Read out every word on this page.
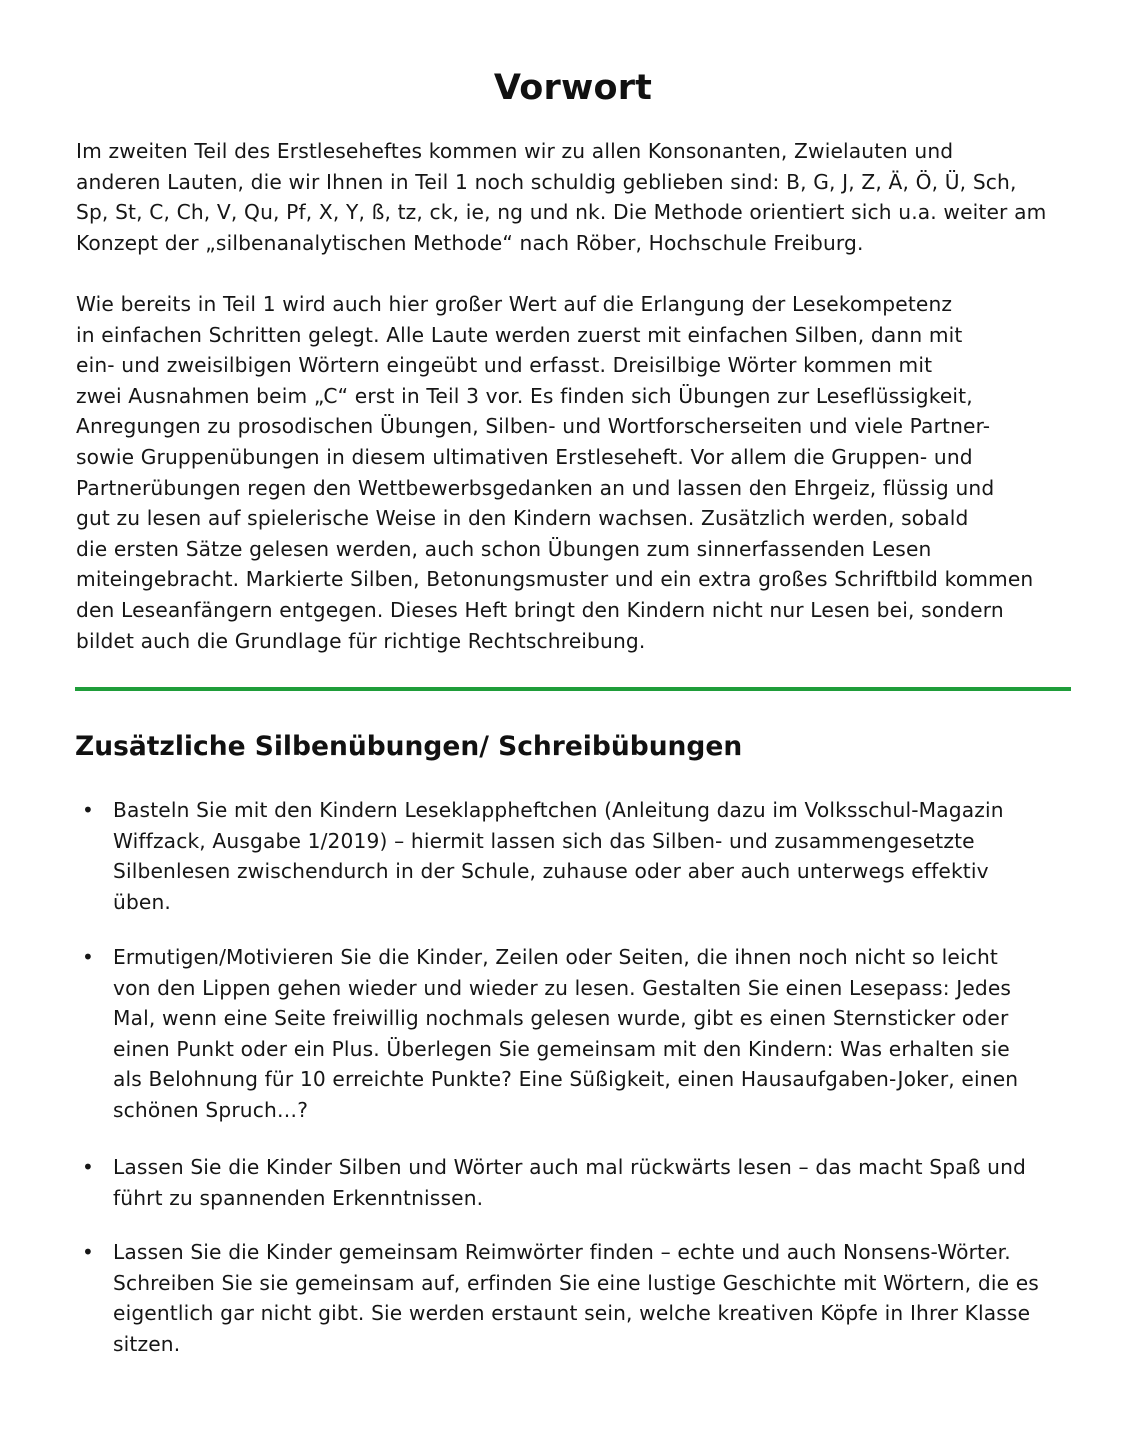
Vorwort

Im zweiten Teil des Erstleseheftes kommen wir zu allen Konsonanten, Zwielauten und
anderen Lauten, die wir Ihnen in Teil 1 noch schuldig geblieben sind: B, G, J, Z, Ä, Ö, Ü, Sch,
Sp, St, C, Ch, V, Qu, Pf, X, Y, ß, tz, ck, ie, ng und nk. Die Methode orientiert sich u.a. weiter am
Konzept der „silbenanalytischen Methode“ nach Röber, Hochschule Freiburg.

Wie bereits in Teil 1 wird auch hier großer Wert auf die Erlangung der Lesekompetenz
in einfachen Schritten gelegt. Alle Laute werden zuerst mit einfachen Silben, dann mit
ein- und zweisilbigen Wörtern eingeübt und erfasst. Dreisilbige Wörter kommen mit
zwei Ausnahmen beim „C“ erst in Teil 3 vor. Es finden sich Übungen zur Leseflüssigkeit,
Anregungen zu prosodischen Übungen, Silben- und Wortforscherseiten und viele Partner-
sowie Gruppenübungen in diesem ultimativen Erstleseheft. Vor allem die Gruppen- und
Partnerübungen regen den Wettbewerbsgedanken an und lassen den Ehrgeiz, flüssig und
gut zu lesen auf spielerische Weise in den Kindern wachsen. Zusätzlich werden, sobald
die ersten Sätze gelesen werden, auch schon Übungen zum sinnerfassenden Lesen
miteingebracht. Markierte Silben, Betonungsmuster und ein extra großes Schriftbild kommen
den Leseanfängern entgegen. Dieses Heft bringt den Kindern nicht nur Lesen bei, sondern
bildet auch die Grundlage für richtige Rechtschreibung.

Zusätzliche Silbenübungen/ Schreibübungen
• Basteln Sie mit den Kindern Leseklappheftchen (Anleitung dazu im Volksschul-Magazin
Wiffzack, Ausgabe 1/2019) – hiermit lassen sich das Silben- und zusammengesetzte
Silbenlesen zwischendurch in der Schule, zuhause oder aber auch unterwegs effektiv
üben.
• Ermutigen/Motivieren Sie die Kinder, Zeilen oder Seiten, die ihnen noch nicht so leicht
von den Lippen gehen wieder und wieder zu lesen. Gestalten Sie einen Lesepass: Jedes
Mal, wenn eine Seite freiwillig nochmals gelesen wurde, gibt es einen Sternsticker oder
einen Punkt oder ein Plus. Überlegen Sie gemeinsam mit den Kindern: Was erhalten sie
als Belohnung für 10 erreichte Punkte? Eine Süßigkeit, einen Hausaufgaben-Joker, einen
schönen Spruch…?
• Lassen Sie die Kinder Silben und Wörter auch mal rückwärts lesen – das macht Spaß und
führt zu spannenden Erkenntnissen.
• Lassen Sie die Kinder gemeinsam Reimwörter finden – echte und auch Nonsens-Wörter.
Schreiben Sie sie gemeinsam auf, erfinden Sie eine lustige Geschichte mit Wörtern, die es
eigentlich gar nicht gibt. Sie werden erstaunt sein, welche kreativen Köpfe in Ihrer Klasse
sitzen.
